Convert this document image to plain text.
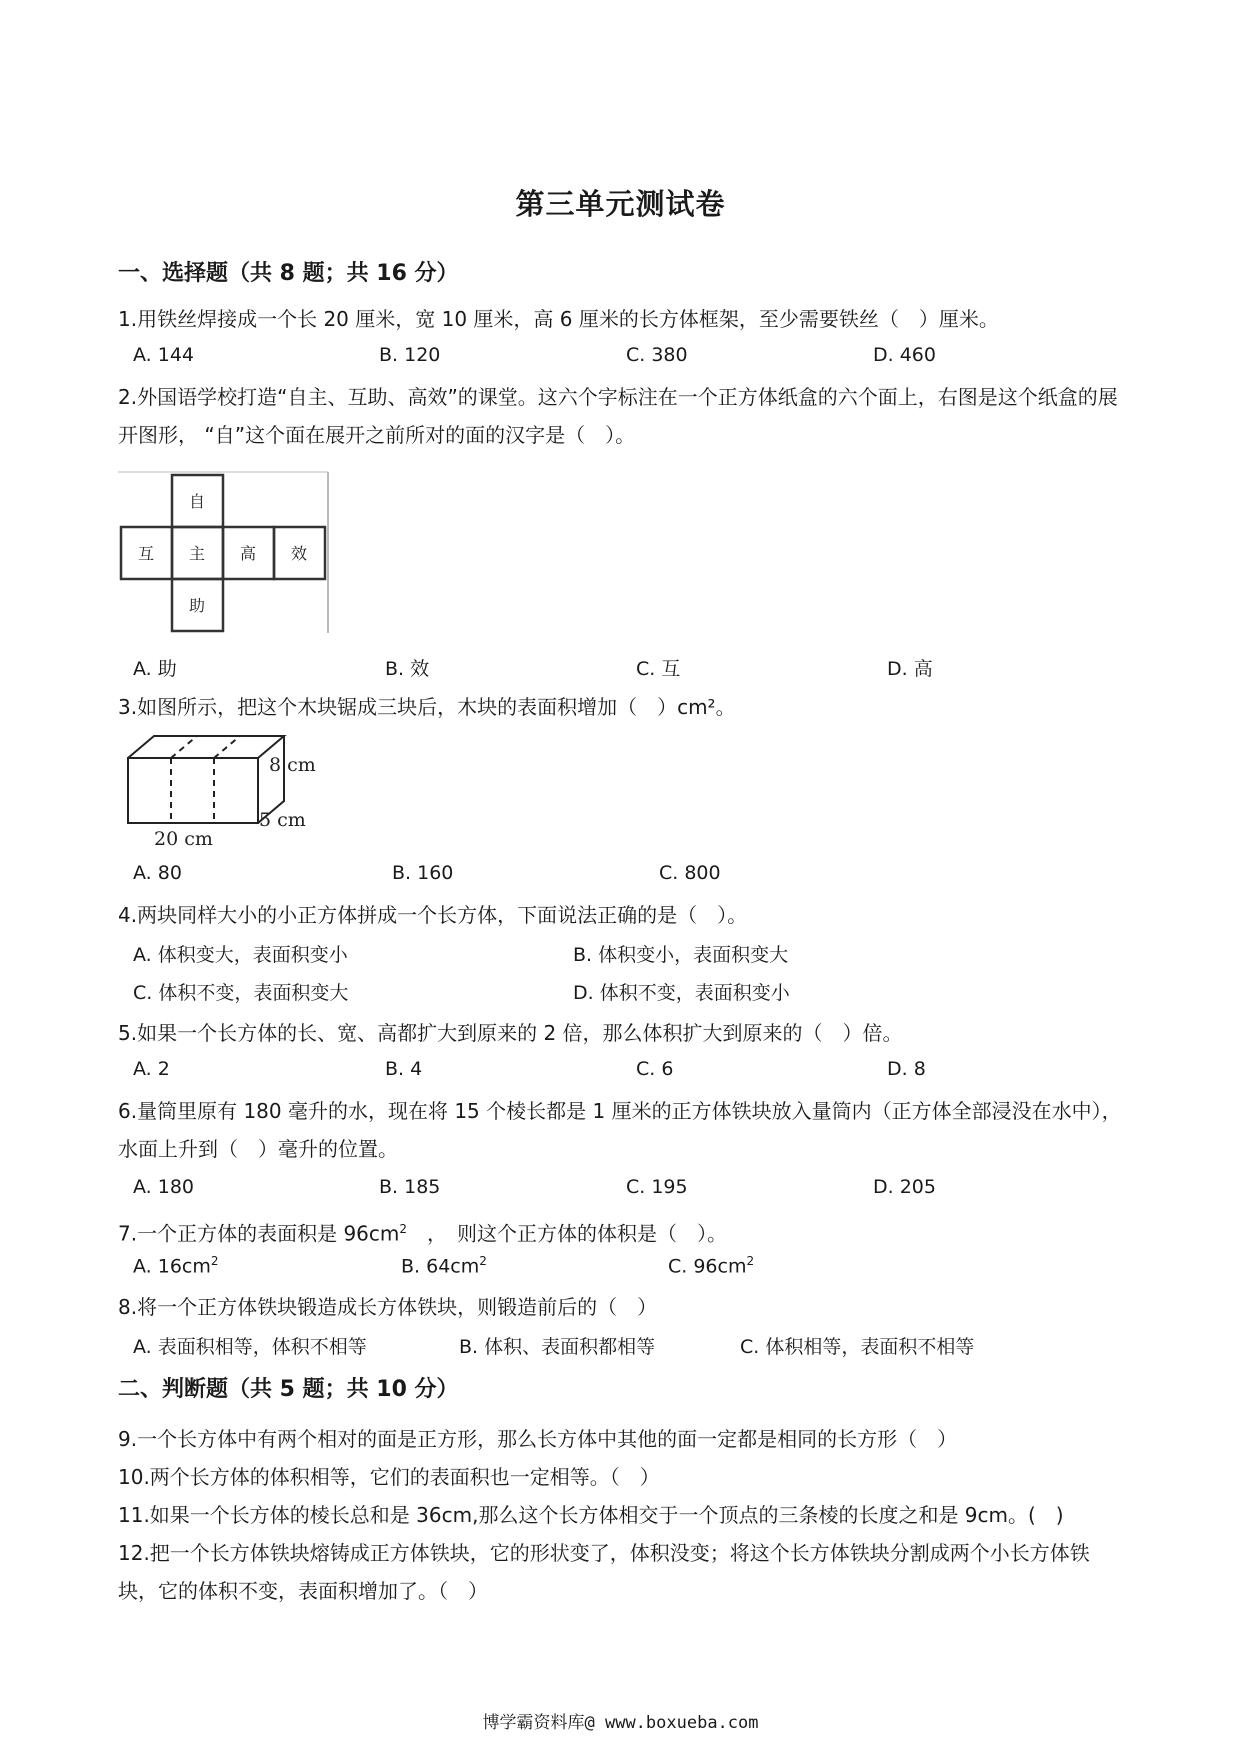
第三单元测试卷
一、选择题（共 8 题；共 16 分）
1.用铁丝焊接成一个长 20 厘米，宽 10 厘米，高 6 厘米的长方体框架，至少需要铁丝（　）厘米。
A. 144	B. 120	C. 380	D. 460
2.外国语学校打造“自主、互助、高效”的课堂。这六个字标注在一个正方体纸盒的六个面上，右图是这个纸盒的展开图形， “自”这个面在展开之前所对的面的汉字是（　）。
自
互 主 高 效
助
A. 助	B. 效	C. 互	D. 高
3.如图所示，把这个木块锯成三块后，木块的表面积增加（　）cm²。
8 cm
5 cm
20 cm
A. 80	B. 160	C. 800
4.两块同样大小的小正方体拼成一个长方体，下面说法正确的是（　）。
A. 体积变大，表面积变小	B. 体积变小，表面积变大
C. 体积不变，表面积变大	D. 体积不变，表面积变小
5.如果一个长方体的长、宽、高都扩大到原来的 2 倍，那么体积扩大到原来的（　）倍。
A. 2	B. 4	C. 6	D. 8
6.量筒里原有 180 毫升的水，现在将 15 个棱长都是 1 厘米的正方体铁块放入量筒内（正方体全部浸没在水中），水面上升到（　）毫升的位置。
A. 180	B. 185	C. 195	D. 205
7.一个正方体的表面积是 $96cm^2$　，　则这个正方体的体积是（　）。
A. $16cm^2$	B. $64cm^2$	C. $96cm^2$
8.将一个正方体铁块锻造成长方体铁块，则锻造前后的（　）
A. 表面积相等，体积不相等	B. 体积、表面积都相等	C. 体积相等，表面积不相等
二、判断题（共 5 题；共 10 分）
9.一个长方体中有两个相对的面是正方形，那么长方体中其他的面一定都是相同的长方形（　）
10.两个长方体的体积相等，它们的表面积也一定相等。（　）
11.如果一个长方体的棱长总和是 36cm,那么这个长方体相交于一个顶点的三条棱的长度之和是 9cm。(　)
12.把一个长方体铁块熔铸成正方体铁块，它的形状变了，体积没变；将这个长方体铁块分割成两个小长方体铁块，它的体积不变，表面积增加了。（　）
博学霸资料库@ www.boxueba.com
